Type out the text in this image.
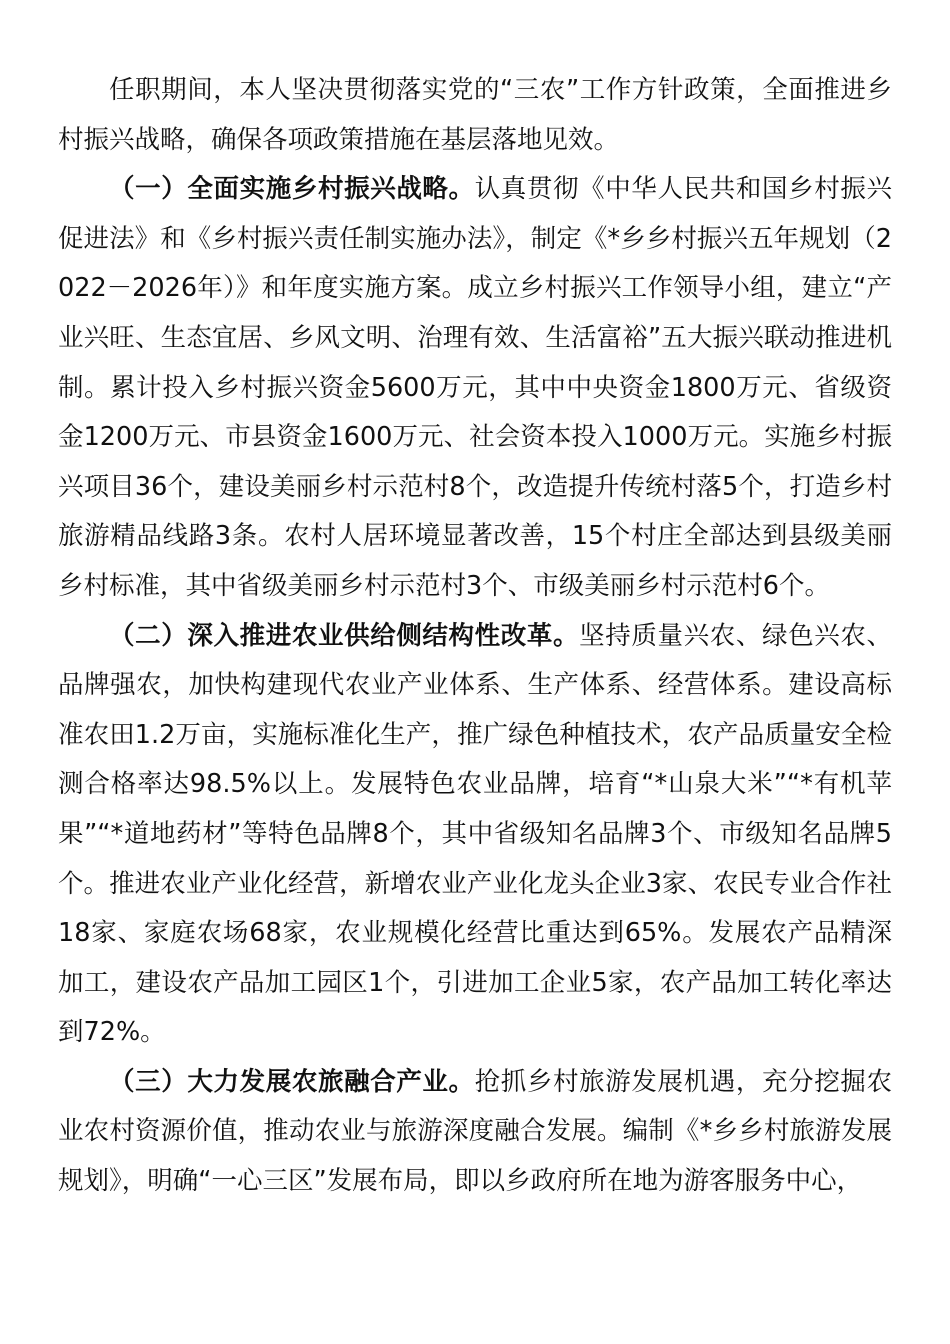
任职期间，本人坚决贯彻落实党的“三农”工作方针政策，全面推进乡村振兴战略，确保各项政策措施在基层落地见效。

（一）全面实施乡村振兴战略。认真贯彻《中华人民共和国乡村振兴促进法》和《乡村振兴责任制实施办法》，制定《*乡乡村振兴五年规划（2022－2026年）》和年度实施方案。成立乡村振兴工作领导小组，建立“产业兴旺、生态宜居、乡风文明、治理有效、生活富裕”五大振兴联动推进机制。累计投入乡村振兴资金5600万元，其中中央资金1800万元、省级资金1200万元、市县资金1600万元、社会资本投入1000万元。实施乡村振兴项目36个，建设美丽乡村示范村8个，改造提升传统村落5个，打造乡村旅游精品线路3条。农村人居环境显著改善，15个村庄全部达到县级美丽乡村标准，其中省级美丽乡村示范村3个、市级美丽乡村示范村6个。

（二）深入推进农业供给侧结构性改革。坚持质量兴农、绿色兴农、品牌强农，加快构建现代农业产业体系、生产体系、经营体系。建设高标准农田1.2万亩，实施标准化生产，推广绿色种植技术，农产品质量安全检测合格率达98.5%以上。发展特色农业品牌，培育“*山泉大米”“*有机苹果”“*道地药材”等特色品牌8个，其中省级知名品牌3个、市级知名品牌5个。推进农业产业化经营，新增农业产业化龙头企业3家、农民专业合作社18家、家庭农场68家，农业规模化经营比重达到65%。发展农产品精深加工，建设农产品加工园区1个，引进加工企业5家，农产品加工转化率达到72%。

（三）大力发展农旅融合产业。抢抓乡村旅游发展机遇，充分挖掘农业农村资源价值，推动农业与旅游深度融合发展。编制《*乡乡村旅游发展规划》，明确“一心三区”发展布局，即以乡政府所在地为游客服务中心，
